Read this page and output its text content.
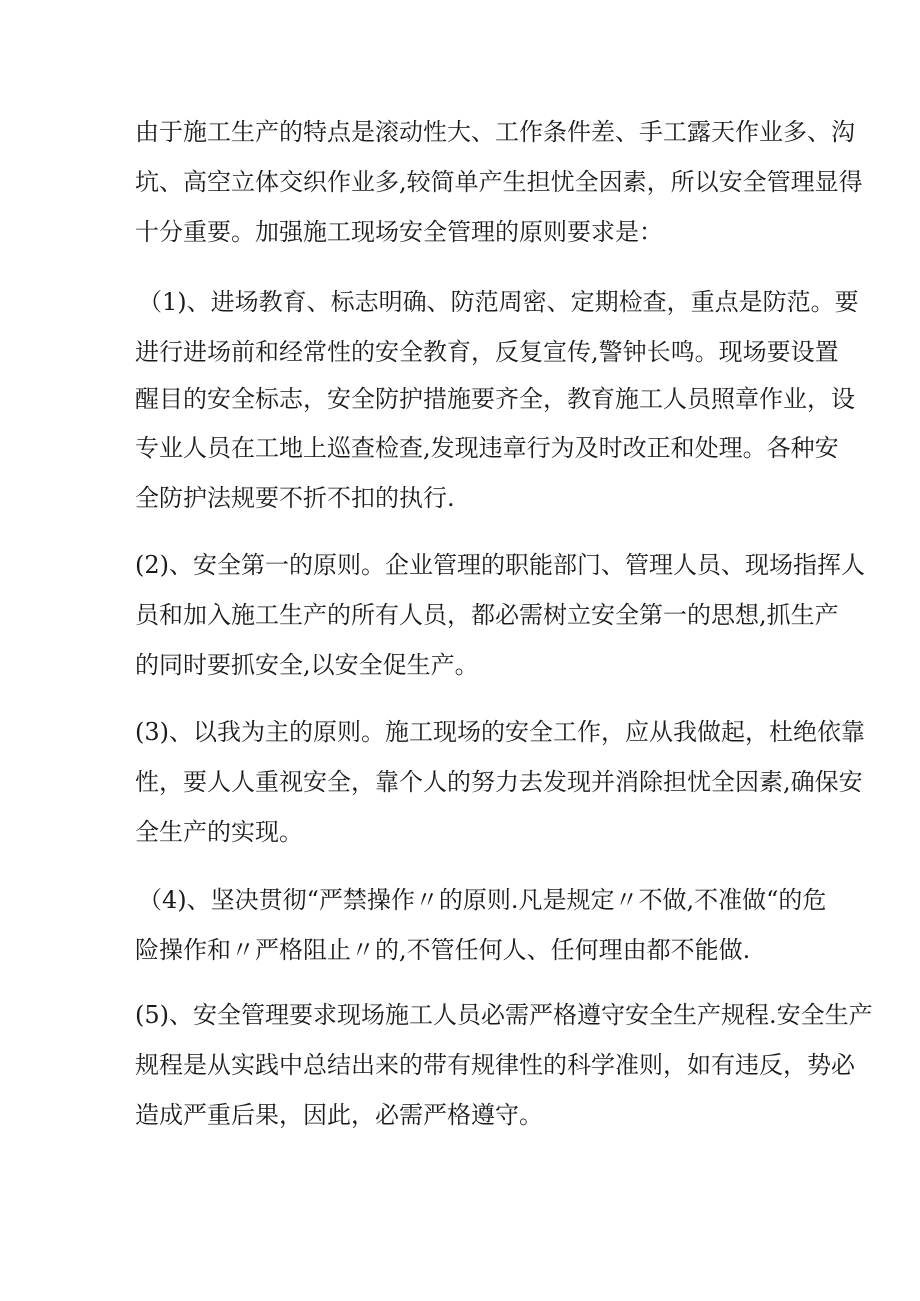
由于施工生产的特点是滚动性大、工作条件差、手工露天作业多、沟
坑、高空立体交织作业多,较简单产生担忧全因素，所以安全管理显得
十分重要。加强施工现场安全管理的原则要求是：
（1)、进场教育、标志明确、防范周密、定期检查，重点是防范。要
进行进场前和经常性的安全教育，反复宣传,警钟长鸣。现场要设置
醒目的安全标志，安全防护措施要齐全，教育施工人员照章作业，设
专业人员在工地上巡查检查,发现违章行为及时改正和处理。各种安
全防护法规要不折不扣的执行.
(2)、安全第一的原则。企业管理的职能部门、管理人员、现场指挥人
员和加入施工生产的所有人员，都必需树立安全第一的思想,抓生产
的同时要抓安全,以安全促生产。
(3)、以我为主的原则。施工现场的安全工作，应从我做起，杜绝依靠
性，要人人重视安全，靠个人的努力去发现并消除担忧全因素,确保安
全生产的实现。
（4)、坚决贯彻“严禁操作〃的原则.凡是规定〃不做,不准做“的危
险操作和〃严格阻止〃的,不管任何人、任何理由都不能做.
(5)、安全管理要求现场施工人员必需严格遵守安全生产规程.安全生产
规程是从实践中总结出来的带有规律性的科学准则，如有违反，势必
造成严重后果，因此，必需严格遵守。
